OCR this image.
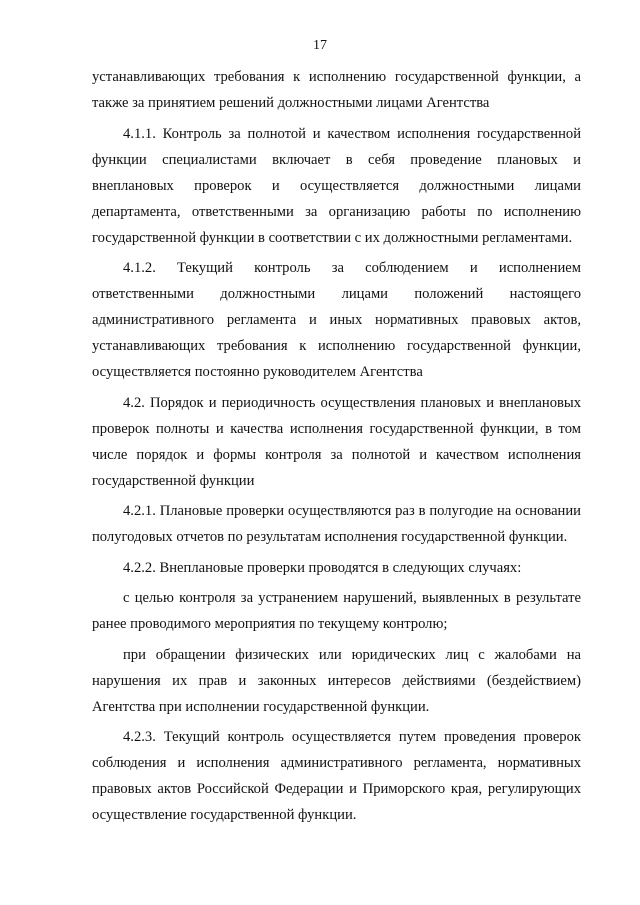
17

устанавливающих требования к исполнению государственной функции, а также за принятием решений должностными лицами Агентства

4.1.1. Контроль за полнотой и качеством исполнения государственной функции специалистами включает в себя проведение плановых и внеплановых проверок и осуществляется должностными лицами департамента, ответственными за организацию работы по исполнению государственной функции в соответствии с их должностными регламентами.

4.1.2. Текущий контроль за соблюдением и исполнением ответственными должностными лицами положений настоящего административного регламента и иных нормативных правовых актов, устанавливающих требования к исполнению государственной функции, осуществляется постоянно руководителем Агентства

4.2. Порядок и периодичность осуществления плановых и внеплановых проверок полноты и качества исполнения государственной функции, в том числе порядок и формы контроля за полнотой и качеством исполнения государственной функции

4.2.1. Плановые проверки осуществляются раз в полугодие на основании полугодовых отчетов по результатам исполнения государственной функции.

4.2.2. Внеплановые проверки проводятся в следующих случаях:

с целью контроля за устранением нарушений, выявленных в результате ранее проводимого мероприятия по текущему контролю;

при обращении физических или юридических лиц с жалобами на нарушения их прав и законных интересов действиями (бездействием) Агентства при исполнении государственной функции.

4.2.3. Текущий контроль осуществляется путем проведения проверок соблюдения и исполнения административного регламента, нормативных правовых актов Российской Федерации и Приморского края, регулирующих осуществление государственной функции.
